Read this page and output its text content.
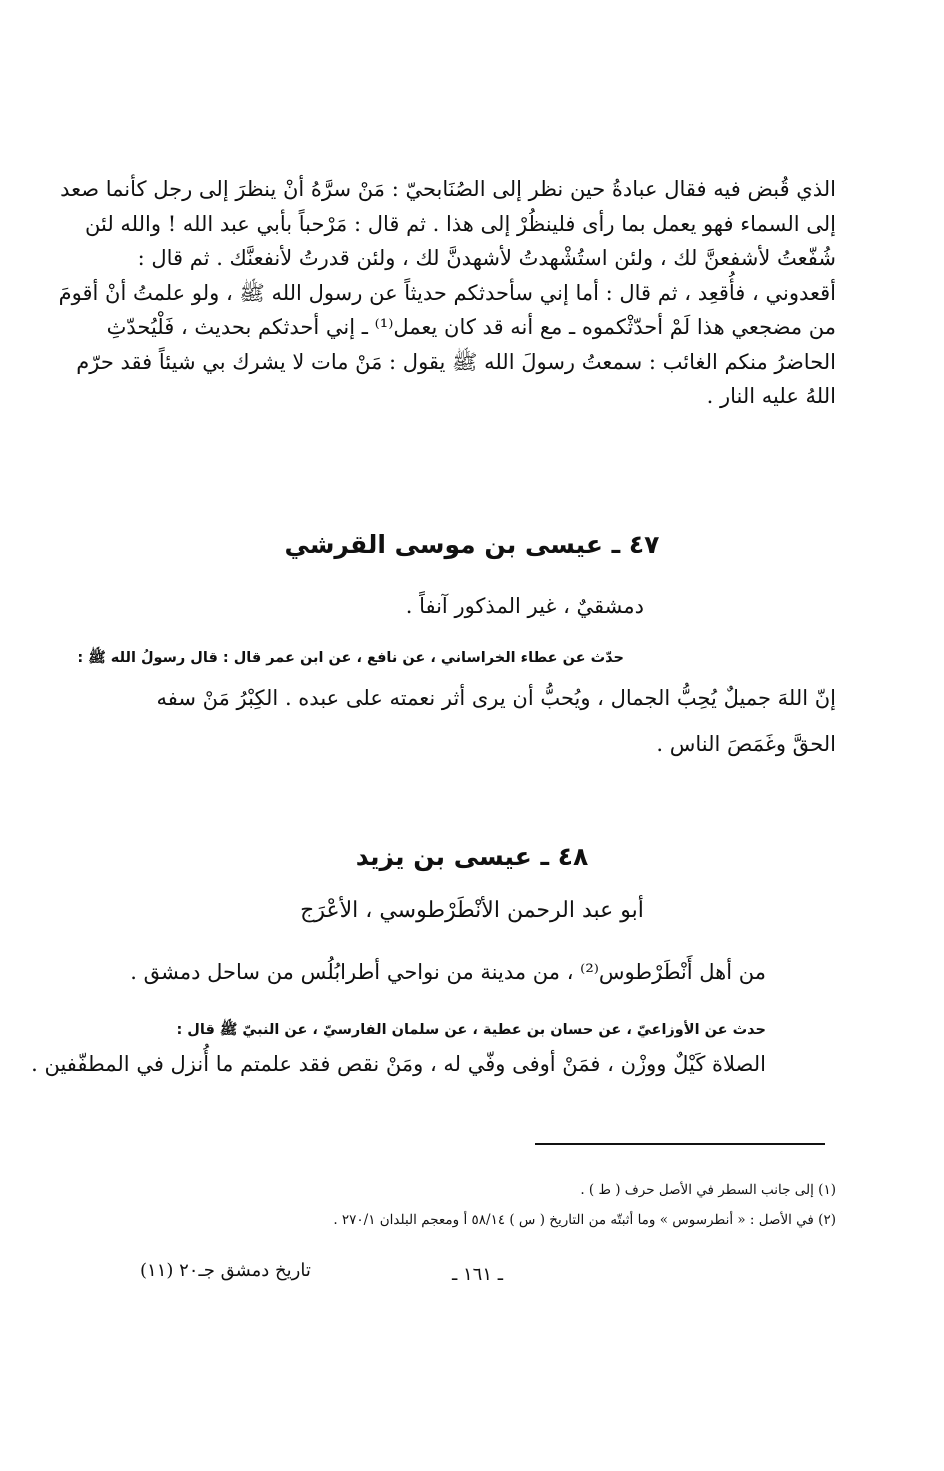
الذي قُبض فيه فقال عبادةُ حين نظر إلى الصُنَابحيّ : مَنْ سرَّهُ أنْ ينظرَ إلى رجل كأنما صعد
إلى السماء فهو يعمل بما رأى فلينظُرْ إلى هذا . ثم قال : مَرْحباً بأبي عبد الله ! والله لئن
شُفّعتُ لأشفعنَّ لك ، ولئن استُشْهدتُ لأشهدنَّ لك ، ولئن قدرتُ لأنفعنَّك . ثم قال :
أقعدوني ، فأُقعِد ، ثم قال : أما إني سأحدثكم حديثاً عن رسول الله ﷺ ، ولو علمتُ أنْ أقومَ
من مضجعي هذا لَمْ أحدّثْكموه ـ مع أنه قد كان يعمل⁽¹⁾ ـ إني أحدثكم بحديث ، فَلْيُحدّثِ
الحاضرُ منكم الغائب : سمعتُ رسولَ الله ﷺ يقول : مَنْ مات لا يشرك بي شيئاً فقد حرّم
اللهُ عليه النار .
٤٧ ـ عيسى بن موسى القرشي
دمشقيٌ ، غير المذكور آنفاً .
حدّث عن عطاء الخراساني ، عن نافع ، عن ابن عمر قال : قال رسولُ الله ﷺ :
إنّ اللهَ جميلٌ يُحِبُّ الجمال ، ويُحبُّ أن يرى أثر نعمته على عبده . الكِبْرُ مَنْ سفه
الحقَّ وغَمَصَ الناس .
٤٨ ـ عيسى بن يزيد
أبو عبد الرحمن الأنْطَرْطوسي ، الأعْرَج
من أهل أَنْطَرْطوس⁽²⁾ ، من مدينة من نواحي أطرابُلُس من ساحل دمشق .
حدث عن الأوزاعيّ ، عن حسان بن عطية ، عن سلمان الفارسيّ ، عن النبيّ ﷺ قال :
الصلاة كَيْلٌ ووزْن ، فمَنْ أوفى وفّي له ، ومَنْ نقص فقد علمتم ما أُنزل في المطفّفين .
(١) إلى جانب السطر في الأصل حرف ( ط ) .
(٢) في الأصل : « أنطرسوس » وما أثبتّه من التاريخ ( س ) ٥٨/١٤ أ ومعجم البلدان ٢٧٠/١ .
ـ ١٦١ ـ
تاريخ دمشق جـ٢٠ (١١)
